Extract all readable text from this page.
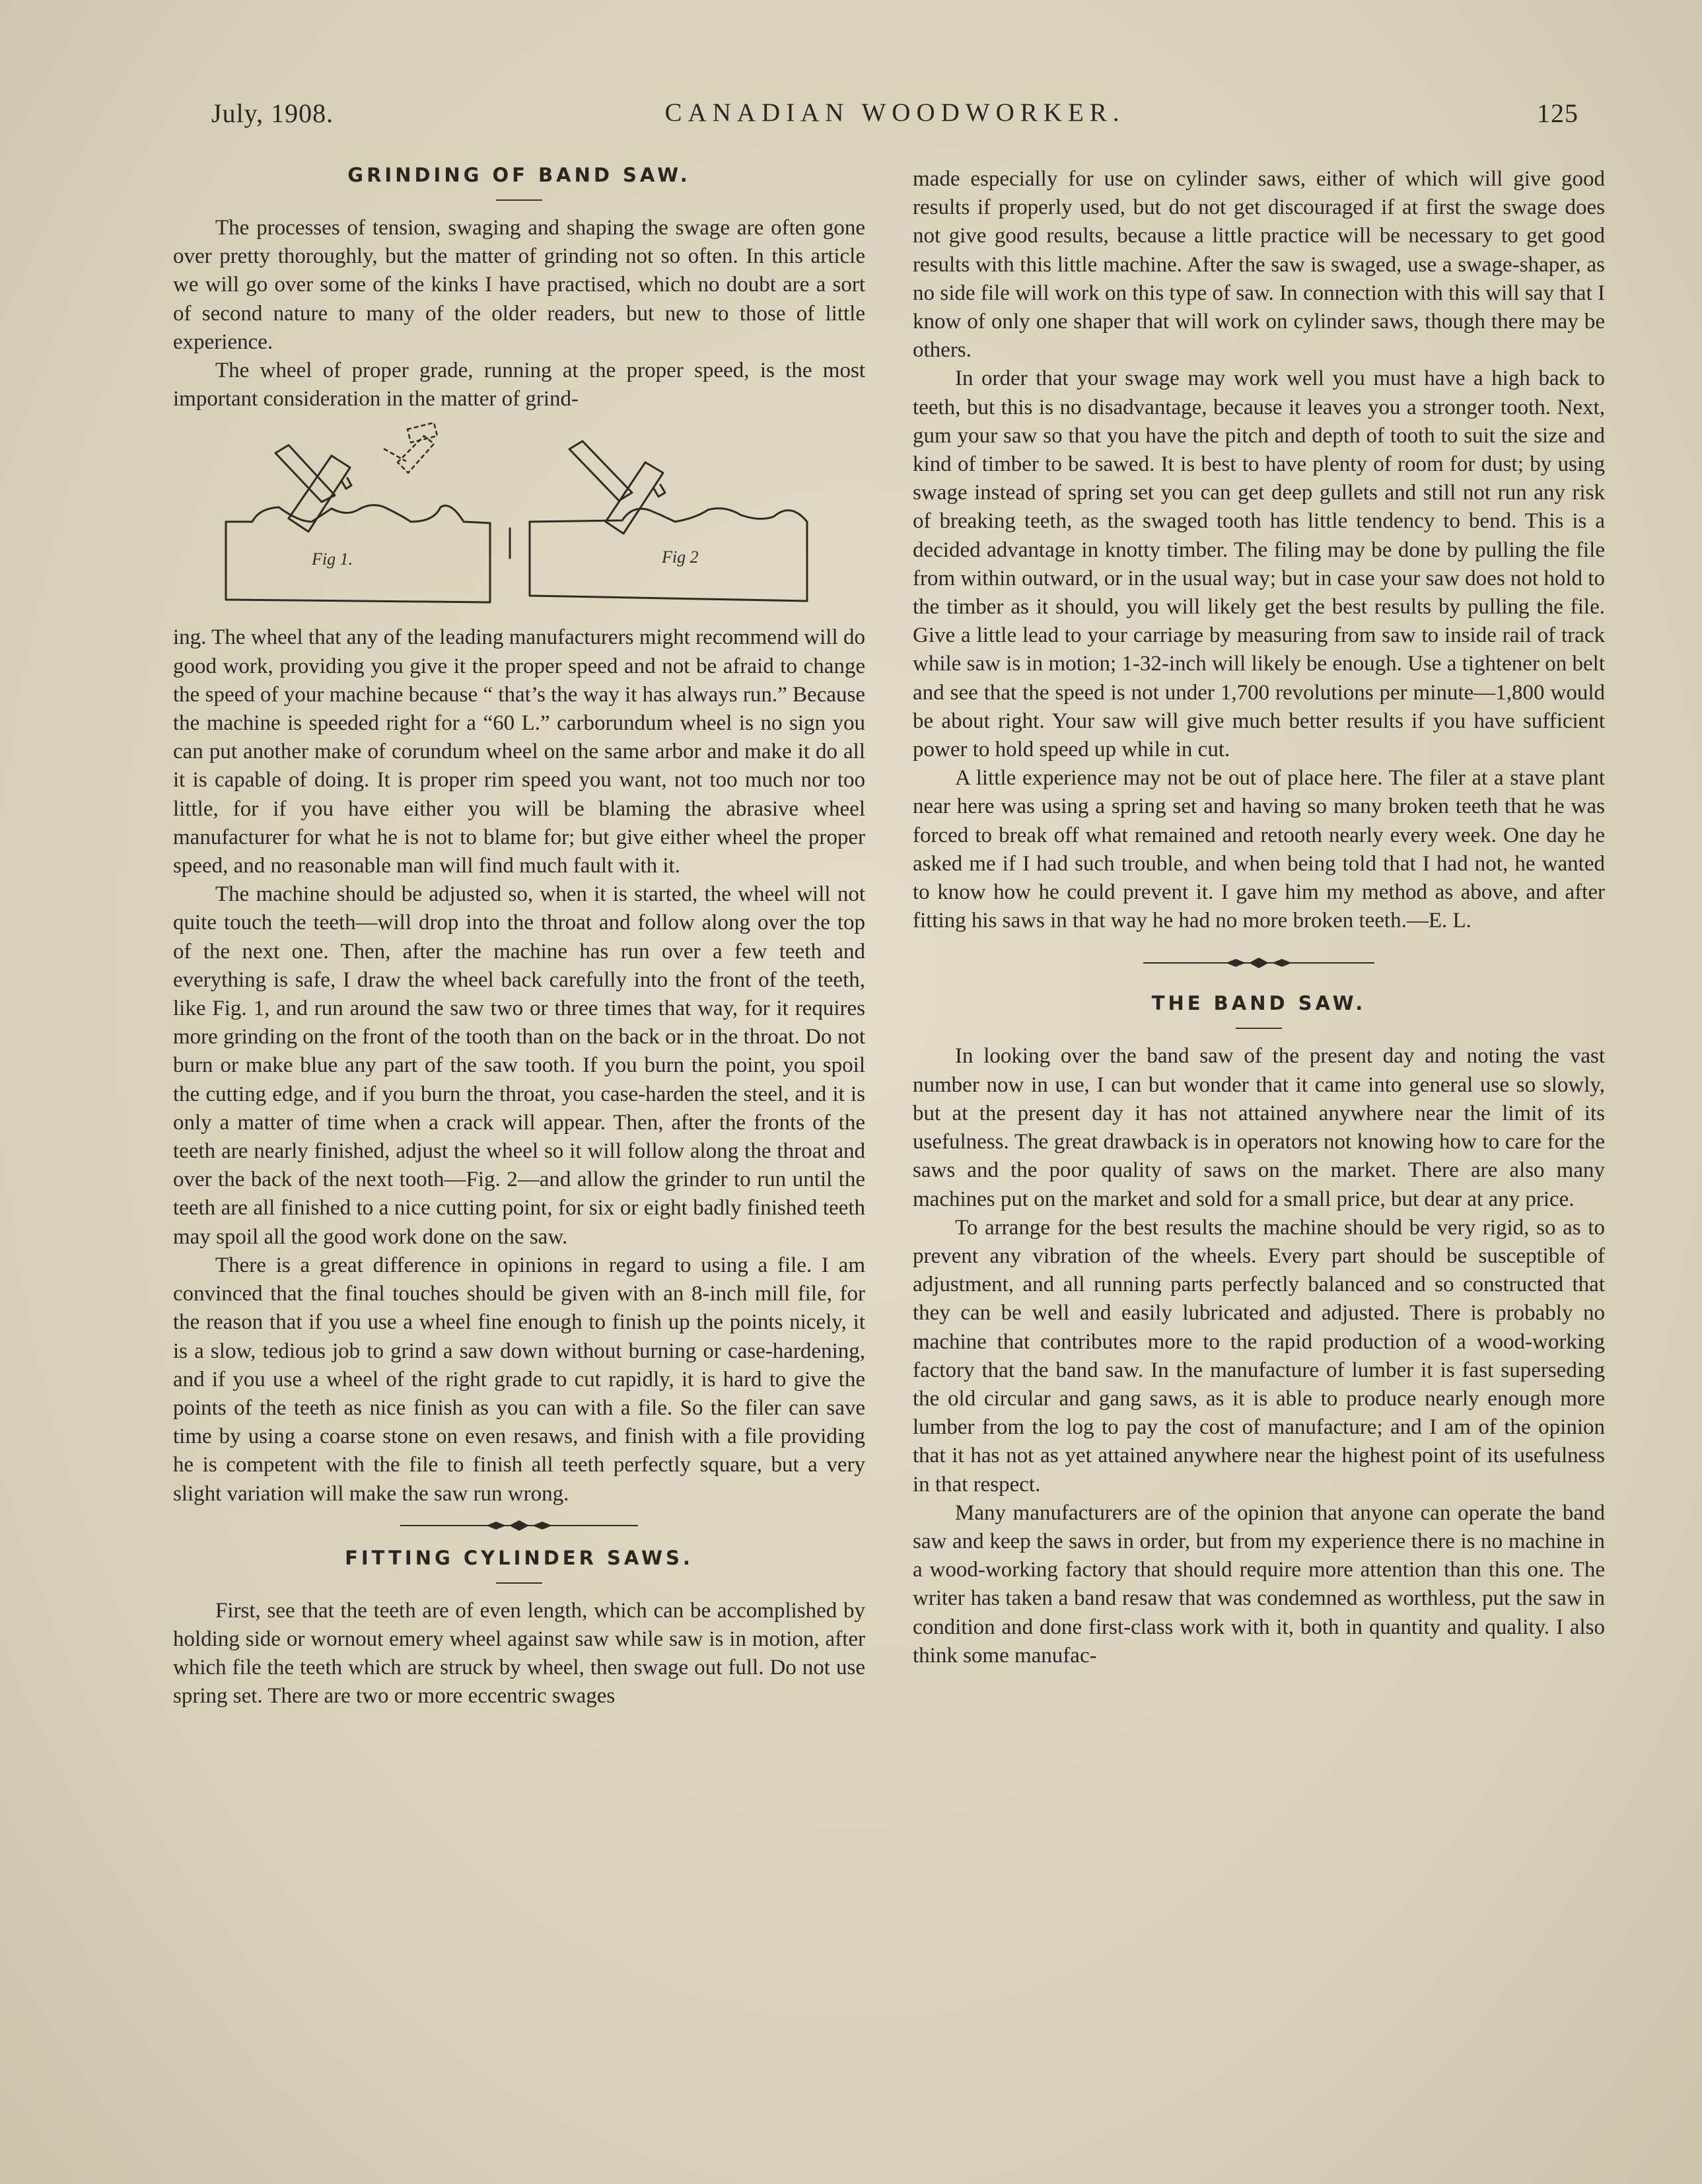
July, 1908.	CANADIAN WOODWORKER.	125
GRINDING OF BAND SAW.

The processes of tension, swaging and shaping the swage are often gone over pretty thoroughly, but the matter of grinding not so often. In this article we will go over some of the kinks I have practised, which no doubt are a sort of second nature to many of the older readers, but new to those of little experience.

The wheel of proper grade, running at the proper speed, is the most important consideration in the matter of grind-

Fig 1.	Fig 2

ing. The wheel that any of the leading manufacturers might recommend will do good work, providing you give it the proper speed and not be afraid to change the speed of your machine because “ that’s the way it has always run.” Because the machine is speeded right for a “60 L.” carborundum wheel is no sign you can put another make of corundum wheel on the same arbor and make it do all it is capable of doing. It is proper rim speed you want, not too much nor too little, for if you have either you will be blaming the abrasive wheel manufacturer for what he is not to blame for; but give either wheel the proper speed, and no reasonable man will find much fault with it.

The machine should be adjusted so, when it is started, the wheel will not quite touch the teeth—will drop into the throat and follow along over the top of the next one. Then, after the machine has run over a few teeth and everything is safe, I draw the wheel back carefully into the front of the teeth, like Fig. 1, and run around the saw two or three times that way, for it requires more grinding on the front of the tooth than on the back or in the throat. Do not burn or make blue any part of the saw tooth. If you burn the point, you spoil the cutting edge, and if you burn the throat, you case-harden the steel, and it is only a matter of time when a crack will appear. Then, after the fronts of the teeth are nearly finished, adjust the wheel so it will follow along the throat and over the back of the next tooth—Fig. 2—and allow the grinder to run until the teeth are all finished to a nice cutting point, for six or eight badly finished teeth may spoil all the good work done on the saw.

There is a great difference in opinions in regard to using a file. I am convinced that the final touches should be given with an 8-inch mill file, for the reason that if you use a wheel fine enough to finish up the points nicely, it is a slow, tedious job to grind a saw down without burning or case-hardening, and if you use a wheel of the right grade to cut rapidly, it is hard to give the points of the teeth as nice finish as you can with a file. So the filer can save time by using a coarse stone on even resaws, and finish with a file providing he is competent with the file to finish all teeth perfectly square, but a very slight variation will make the saw run wrong.

FITTING CYLINDER SAWS.

First, see that the teeth are of even length, which can be accomplished by holding side or wornout emery wheel against saw while saw is in motion, after which file the teeth which are struck by wheel, then swage out full. Do not use spring set. There are two or more eccentric swages

made especially for use on cylinder saws, either of which will give good results if properly used, but do not get discouraged if at first the swage does not give good results, because a little practice will be necessary to get good results with this little machine. After the saw is swaged, use a swage-shaper, as no side file will work on this type of saw. In connection with this will say that I know of only one shaper that will work on cylinder saws, though there may be others.

In order that your swage may work well you must have a high back to teeth, but this is no disadvantage, because it leaves you a stronger tooth. Next, gum your saw so that you have the pitch and depth of tooth to suit the size and kind of timber to be sawed. It is best to have plenty of room for dust; by using swage instead of spring set you can get deep gullets and still not run any risk of breaking teeth, as the swaged tooth has little tendency to bend. This is a decided advantage in knotty timber. The filing may be done by pulling the file from within outward, or in the usual way; but in case your saw does not hold to the timber as it should, you will likely get the best results by pulling the file. Give a little lead to your carriage by measuring from saw to inside rail of track while saw is in motion; 1-32-inch will likely be enough. Use a tightener on belt and see that the speed is not under 1,700 revolutions per minute—1,800 would be about right. Your saw will give much better results if you have sufficient power to hold speed up while in cut.

A little experience may not be out of place here. The filer at a stave plant near here was using a spring set and having so many broken teeth that he was forced to break off what remained and retooth nearly every week. One day he asked me if I had such trouble, and when being told that I had not, he wanted to know how he could prevent it. I gave him my method as above, and after fitting his saws in that way he had no more broken teeth.—E. L.

THE BAND SAW.

In looking over the band saw of the present day and noting the vast number now in use, I can but wonder that it came into general use so slowly, but at the present day it has not attained anywhere near the limit of its usefulness. The great drawback is in operators not knowing how to care for the saws and the poor quality of saws on the market. There are also many machines put on the market and sold for a small price, but dear at any price.

To arrange for the best results the machine should be very rigid, so as to prevent any vibration of the wheels. Every part should be susceptible of adjustment, and all running parts perfectly balanced and so constructed that they can be well and easily lubricated and adjusted. There is probably no machine that contributes more to the rapid production of a wood-working factory that the band saw. In the manufacture of lumber it is fast superseding the old circular and gang saws, as it is able to produce nearly enough more lumber from the log to pay the cost of manufacture; and I am of the opinion that it has not as yet attained anywhere near the highest point of its usefulness in that respect.

Many manufacturers are of the opinion that anyone can operate the band saw and keep the saws in order, but from my experience there is no machine in a wood-working factory that should require more attention than this one. The writer has taken a band resaw that was condemned as worthless, put the saw in condition and done first-class work with it, both in quantity and quality. I also think some manufac-
